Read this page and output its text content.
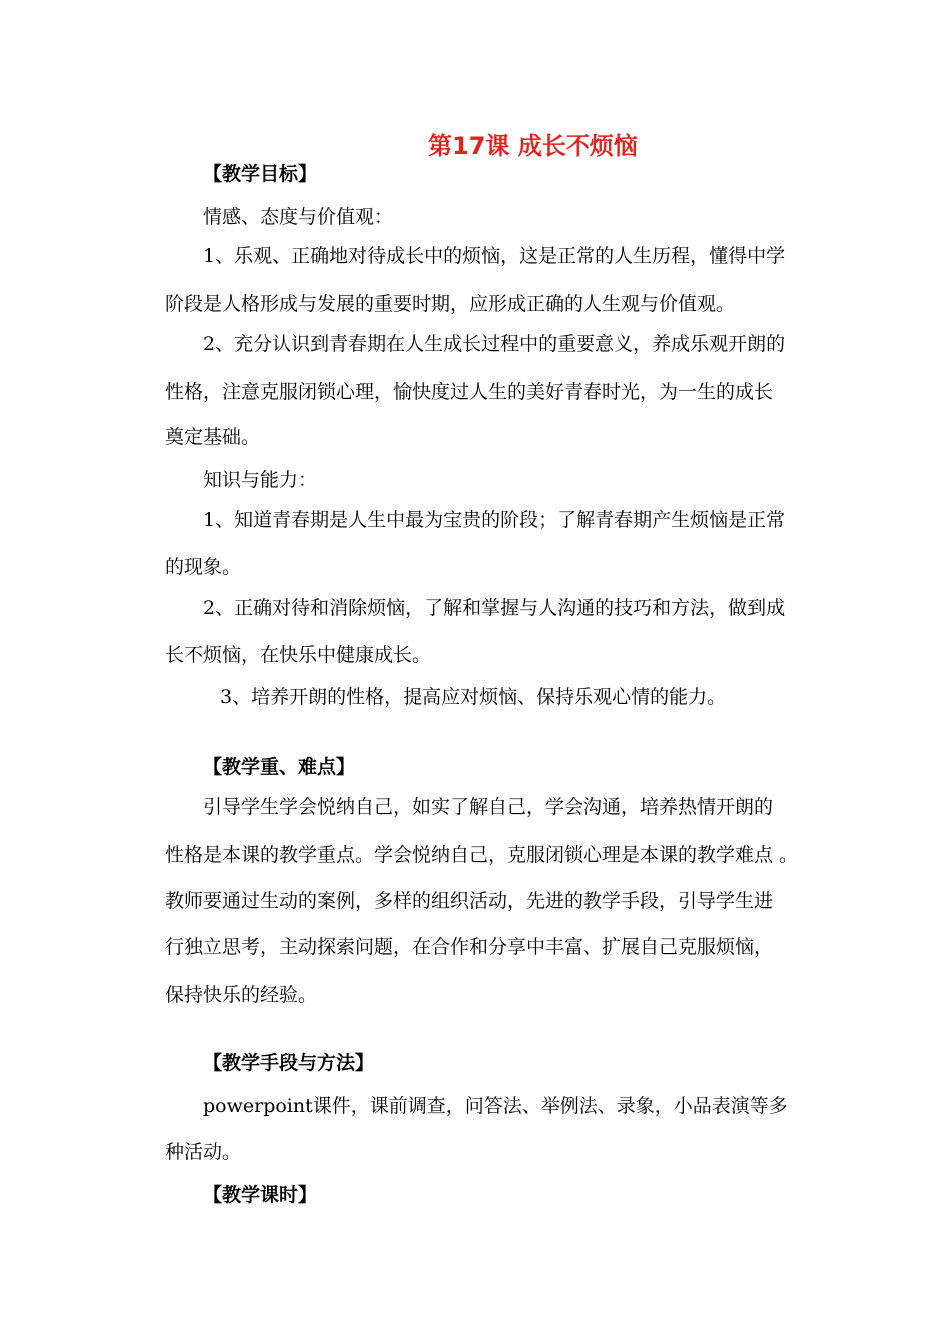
第17课 成长不烦恼

【教学目标】

情感、态度与价值观：

1、乐观、正确地对待成长中的烦恼，这是正常的人生历程，懂得中学

阶段是人格形成与发展的重要时期，应形成正确的人生观与价值观。

2、充分认识到青春期在人生成长过程中的重要意义，养成乐观开朗的

性格，注意克服闭锁心理，愉快度过人生的美好青春时光，为一生的成长

奠定基础。

知识与能力：

1、知道青春期是人生中最为宝贵的阶段；了解青春期产生烦恼是正常

的现象。

2、正确对待和消除烦恼，了解和掌握与人沟通的技巧和方法，做到成

长不烦恼，在快乐中健康成长。

3、培养开朗的性格，提高应对烦恼、保持乐观心情的能力。

【教学重、难点】

引导学生学会悦纳自己，如实了解自己，学会沟通，培养热情开朗的

性格是本课的教学重点。学会悦纳自己，克服闭锁心理是本课的教学难点 。

教师要通过生动的案例，多样的组织活动，先进的教学手段，引导学生进

行独立思考，主动探索问题，在合作和分享中丰富、扩展自己克服烦恼，

保持快乐的经验。

【教学手段与方法】

powerpoint课件，课前调查，问答法、举例法、录象，小品表演等多

种活动。

【教学课时】
